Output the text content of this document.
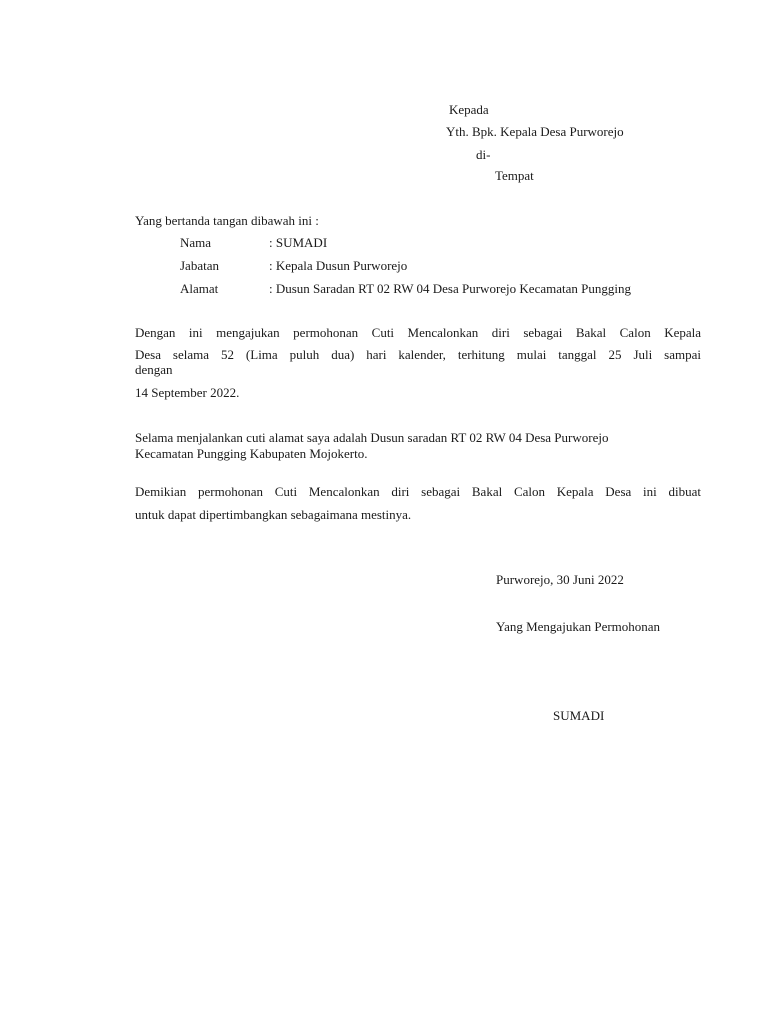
Kepada
Yth. Bpk. Kepala Desa Purworejo
di-
Tempat
Yang bertanda tangan dibawah ini :
Nama	: SUMADI
Jabatan	: Kepala Dusun Purworejo
Alamat	: Dusun Saradan RT 02 RW 04 Desa Purworejo Kecamatan Pungging
Dengan ini mengajukan permohonan Cuti Mencalonkan diri sebagai Bakal Calon Kepala
Desa selama 52 (Lima puluh dua) hari kalender, terhitung mulai tanggal 25 Juli sampai
dengan
14 September 2022.
Selama menjalankan cuti alamat saya adalah Dusun saradan RT 02 RW 04 Desa Purworejo
Kecamatan Pungging Kabupaten Mojokerto.
Demikian permohonan Cuti Mencalonkan diri sebagai Bakal Calon Kepala Desa ini dibuat
untuk dapat dipertimbangkan sebagaimana mestinya.
Purworejo, 30 Juni 2022
Yang Mengajukan Permohonan
SUMADI
